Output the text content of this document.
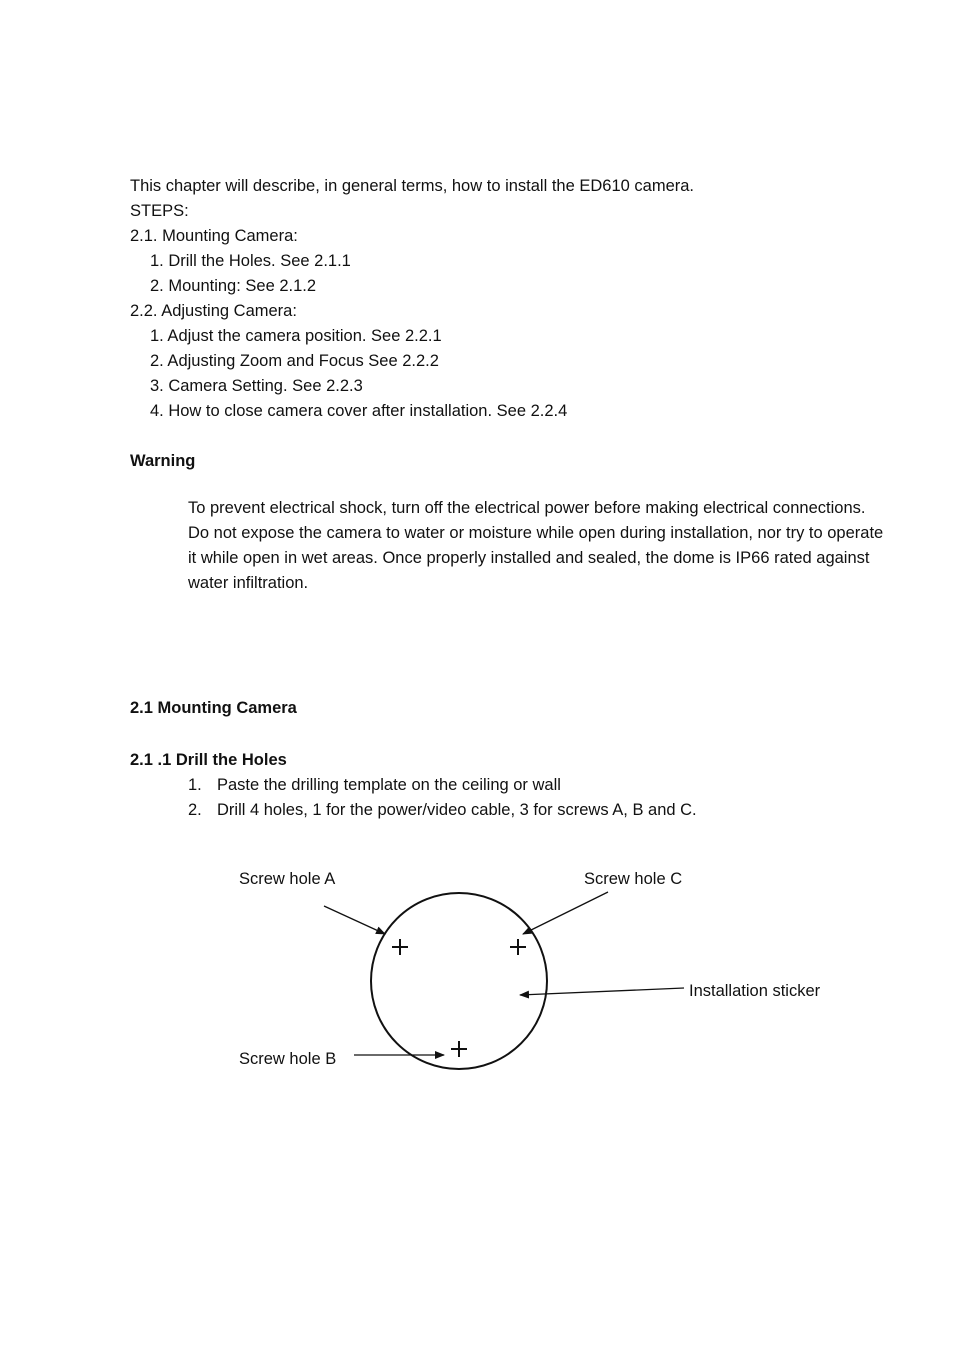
This chapter will describe, in general terms, how to install the ED610 camera.
STEPS:
2.1. Mounting Camera:
1. Drill the Holes. See 2.1.1
2. Mounting: See 2.1.2
2.2. Adjusting Camera:
1. Adjust the camera position. See 2.2.1
2. Adjusting Zoom and Focus See 2.2.2
3. Camera Setting. See 2.2.3
4. How to close camera cover after installation. See 2.2.4
Warning
To prevent electrical shock, turn off the electrical power before making electrical connections.
Do not expose the camera to water or moisture while open during installation, nor try to operate
it while open in wet areas. Once properly installed and sealed, the dome is IP66 rated against
water infiltration.
2.1 Mounting Camera
2.1 .1 Drill the Holes
1. Paste the drilling template on the ceiling or wall
2. Drill 4 holes, 1 for the power/video cable, 3 for screws A, B and C.
Screw hole A	Screw hole C
Installation sticker
Screw hole B
